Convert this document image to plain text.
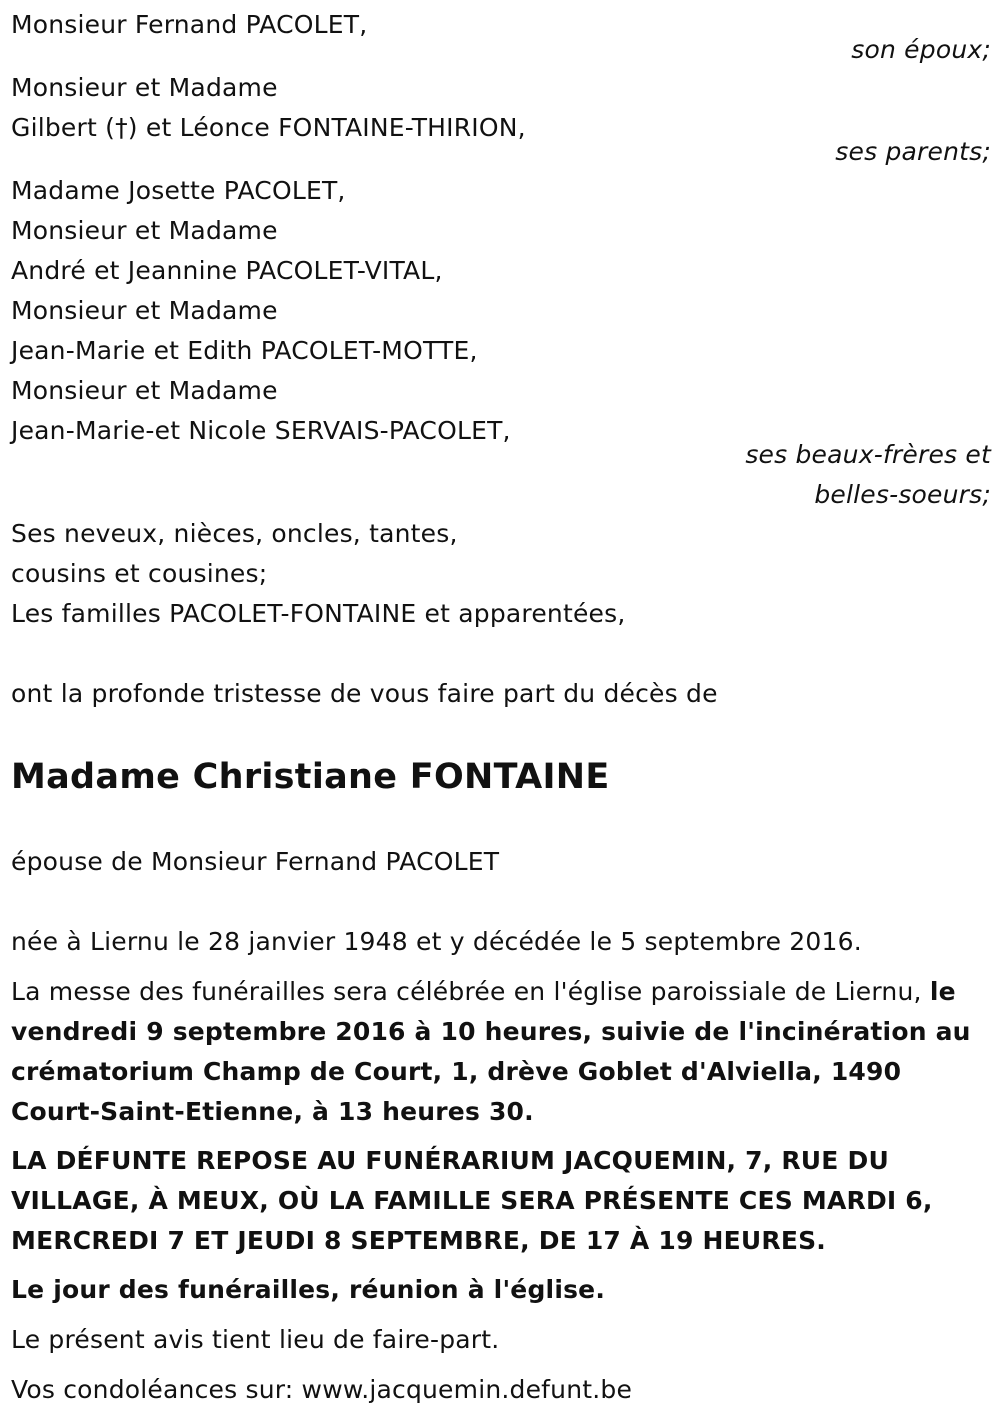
Monsieur Fernand PACOLET,
son époux;
Monsieur et Madame
Gilbert (†) et Léonce FONTAINE-THIRION,
ses parents;
Madame Josette PACOLET,
Monsieur et Madame
André et Jeannine PACOLET-VITAL,
Monsieur et Madame
Jean-Marie et Edith PACOLET-MOTTE,
Monsieur et Madame
Jean-Marie-et Nicole SERVAIS-PACOLET,
ses beaux-frères et
belles-soeurs;
Ses neveux, nièces, oncles, tantes,
cousins et cousines;
Les familles PACOLET-FONTAINE et apparentées,
ont la profonde tristesse de vous faire part du décès de
Madame Christiane FONTAINE
épouse de Monsieur Fernand PACOLET
née à Liernu le 28 janvier 1948 et y décédée le 5 septembre 2016.
La messe des funérailles sera célébrée en l'église paroissiale de Liernu, le vendredi 9 septembre 2016 à 10 heures, suivie de l'incinération au crématorium Champ de Court, 1, drève Goblet d'Alviella, 1490 Court-Saint-Etienne, à 13 heures 30.
LA DÉFUNTE REPOSE AU FUNÉRARIUM JACQUEMIN, 7, RUE DU VILLAGE, À MEUX, OÙ LA FAMILLE SERA PRÉSENTE CES MARDI 6, MERCREDI 7 ET JEUDI 8 SEPTEMBRE, DE 17 À 19 HEURES.
Le jour des funérailles, réunion à l'église.
Le présent avis tient lieu de faire-part.
Vos condoléances sur: www.jacquemin.defunt.be
